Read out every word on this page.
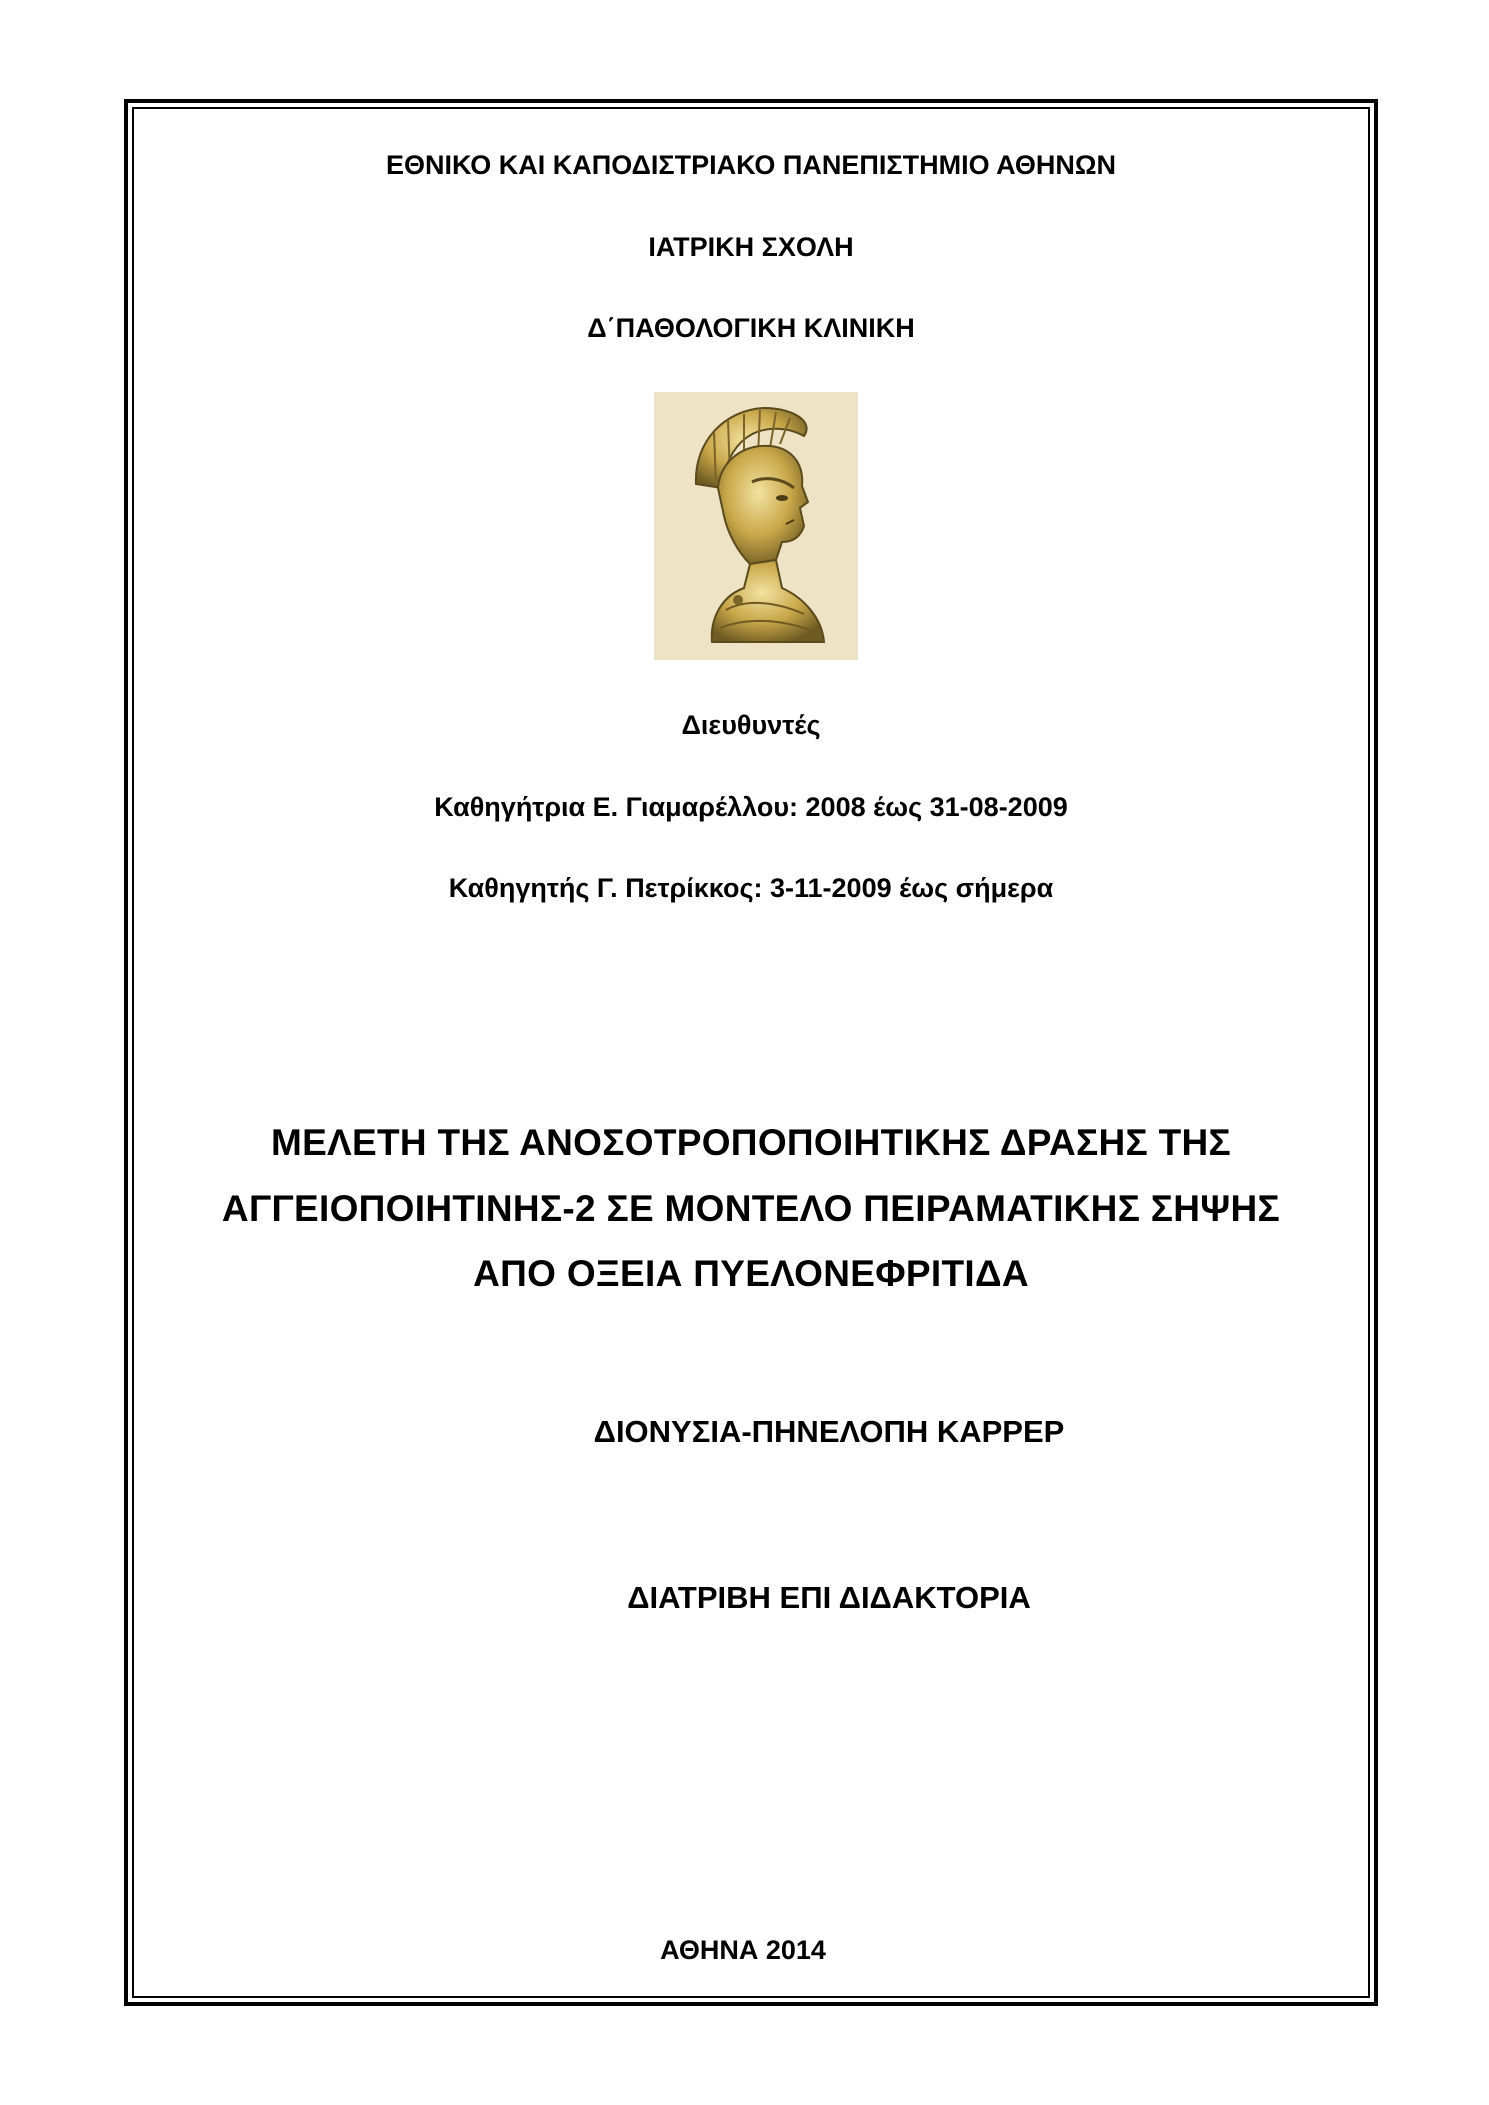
ΕΘΝΙΚΟ ΚΑΙ ΚΑΠΟΔΙΣΤΡΙΑΚΟ ΠΑΝΕΠΙΣΤΗΜΙΟ ΑΘΗΝΩΝ
ΙΑΤΡΙΚΗ ΣΧΟΛΗ
Δ΄ΠΑΘΟΛΟΓΙΚΗ ΚΛΙΝΙΚΗ
Διευθυντές
Καθηγήτρια Ε. Γιαμαρέλλου: 2008 έως 31-08-2009
Καθηγητής Γ. Πετρίκκος: 3-11-2009 έως σήμερα
ΜΕΛΕΤΗ ΤΗΣ ΑΝΟΣΟΤΡΟΠΟΠΟΙΗΤΙΚΗΣ ΔΡΑΣΗΣ ΤΗΣ
ΑΓΓΕΙΟΠΟΙΗΤΙΝΗΣ-2 ΣΕ ΜΟΝΤΕΛΟ ΠΕΙΡΑΜΑΤΙΚΗΣ ΣΗΨΗΣ
ΑΠΟ ΟΞΕΙΑ ΠΥΕΛΟΝΕΦΡΙΤΙΔΑ
ΔΙΟΝΥΣΙΑ-ΠΗΝΕΛΟΠΗ ΚΑΡΡΕΡ
ΔΙΑΤΡΙΒΗ ΕΠΙ ΔΙΔΑΚΤΟΡΙΑ
ΑΘΗΝΑ 2014
